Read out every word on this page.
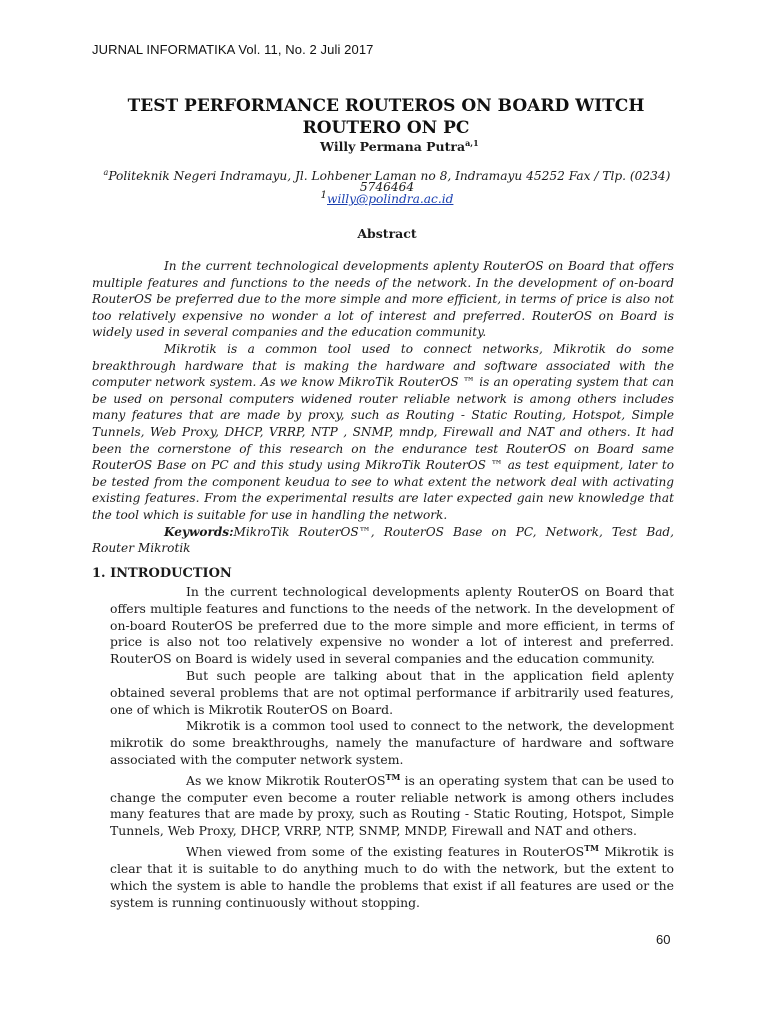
JURNAL INFORMATIKA Vol. 11, No. 2 Juli 2017
TEST PERFORMANCE ROUTEROS ON BOARD WITCH
ROUTERO ON PC
Willy Permana Putra$^{a,1}$
$^a$Politeknik Negeri Indramayu, Jl. Lohbener Laman no 8, Indramayu 45252 Fax / Tlp. (0234) 5746464
$^1$willy@polindra.ac.id
Abstract

In the current technological developments aplenty RouterOS on Board that offers multiple features and functions to the needs of the network. In the development of on-board RouterOS be preferred due to the more simple and more efficient, in terms of price is also not too relatively expensive no wonder a lot of interest and preferred. RouterOS on Board is widely used in several companies and the education community.

Mikrotik is a common tool used to connect networks, Mikrotik do some breakthrough hardware that is making the hardware and software associated with the computer network system. As we know MikroTik RouterOS ™ is an operating system that can be used on personal computers widened router reliable network is among others includes many features that are made by proxy, such as Routing - Static Routing, Hotspot, Simple Tunnels, Web Proxy, DHCP, VRRP, NTP , SNMP, mndp, Firewall and NAT and others. It had been the cornerstone of this research on the endurance test RouterOS on Board same RouterOS Base on PC and this study using MikroTik RouterOS ™ as test equipment, later to be tested from the component keudua to see to what extent the network deal with activating existing features. From the experimental results are later expected gain new knowledge that the tool which is suitable for use in handling the network.

Keywords:MikroTik RouterOS™, RouterOS Base on PC, Network, Test Bad, Router Mikrotik

1. INTRODUCTION

In the current technological developments aplenty RouterOS on Board that offers multiple features and functions to the needs of the network. In the development of on-board RouterOS be preferred due to the more simple and more efficient, in terms of price is also not too relatively expensive no wonder a lot of interest and preferred. RouterOS on Board is widely used in several companies and the education community.

But such people are talking about that in the application field aplenty obtained several problems that are not optimal performance if arbitrarily used features, one of which is Mikrotik RouterOS on Board.

Mikrotik is a common tool used to connect to the network, the development mikrotik do some breakthroughs, namely the manufacture of hardware and software associated with the computer network system.

As we know Mikrotik RouterOS™ is an operating system that can be used to change the computer even become a router reliable network is among others includes many features that are made by proxy, such as Routing - Static Routing, Hotspot, Simple Tunnels, Web Proxy, DHCP, VRRP, NTP, SNMP, MNDP, Firewall and NAT and others.

When viewed from some of the existing features in RouterOS™ Mikrotik is clear that it is suitable to do anything much to do with the network, but the extent to which the system is able to handle the problems that exist if all features are used or the system is running continuously without stopping.

60
